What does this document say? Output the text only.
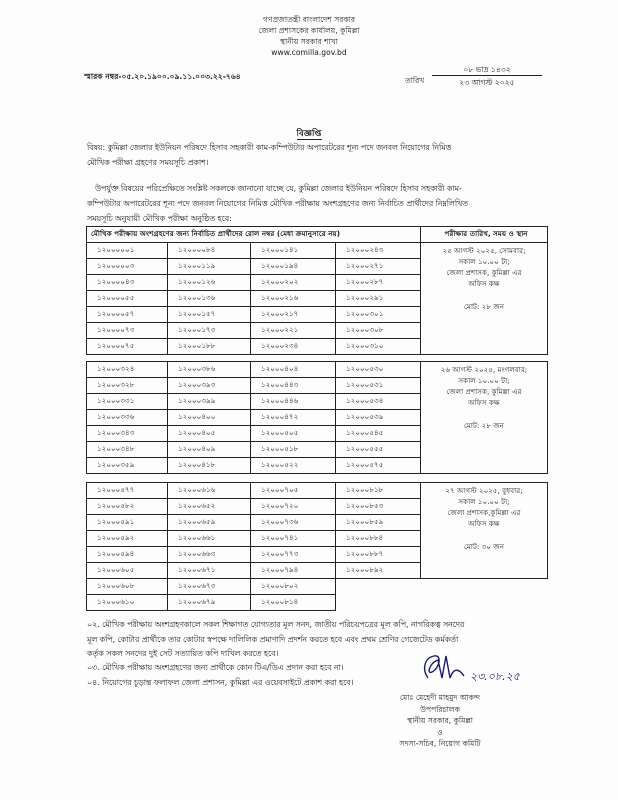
গণপ্রজাতন্ত্রী বাংলাদেশ সরকার
জেলা প্রশাসকের কার্যালয়, কুমিল্লা
স্থানীয় সরকার শাখা
www.comilla.gov.bd
স্মারক নম্বর-০৫.২০.১৯০০.০৯.১১.০০৩.২২-৭৬৪	তারিখ
০৮ ভাদ্র ১৪৩২
২৩ আগস্ট ২০২৫
বিজ্ঞপ্তি
বিষয়: কুমিল্লা জেলার ইউনিয়ন পরিষদে হিসাব সহকারী কাম-কম্পিউটার অপারেটরের শূন্য পদে জনবল নিয়োগের নিমিত্ত
মৌখিক পরীক্ষা গ্রহণের সময়সূচি প্রকাশ।
উপর্যুক্ত বিষয়ের পরিপ্রেক্ষিতে সংশ্লিষ্ট সকলকে জানানো যাচ্ছে যে, কুমিল্লা জেলার ইউনিয়ন পরিষদে হিসাব সহকারী কাম-
কম্পিউটার অপারেটরের শূন্য পদে জনবল নিয়োগের নিমিত্ত মৌখিক পরীক্ষায় অংশগ্রহণের জন্য নির্বাচিত প্রার্থীদের নিম্নলিখিত
সময়সূচি অনুযায়ী মৌখিক পরীক্ষা অনুষ্ঠিত হবে:
মৌখিক পরীক্ষায় অংশগ্রহণের জন্য নির্বাচিত প্রার্থীদের রোল নম্বর (মেধা ক্রমানুসারে নয়)				পরীক্ষার তারিখ, সময় ও স্থান
১২০০০০০১	১২০০০০৮৪	১২০০০১৪১	১২০০০২৪৩	২৫ আগস্ট ২০২৫, সোমবার;
সকাল ১০.০০ টা;
জেলা প্রশাসক, কুমিল্লা এর
অফিস কক্ষ
মোট: ২৮ জন

১২০০০০০৩	১২০০০১১৯	১২০০০১৯৪	১২০০০২৭১	
১২০০০০৪৩	১২০০০১২৬	১২০০০২০২	১২০০০২৮৭	
১২০০০০৫৫	১২০০০১৩৬	১২০০০২১৬	১২০০০২৯১	
১২০০০০৫৭	১২০০০১৫৭	১২০০০২১৭	১২০০০৩০১	
১২০০০০৭৩	১২০০০১৭৩	১২০০০২২১	১২০০০৩০৮	
১২০০০০৭৫	১২০০০১৮৮	১২০০০২৩৪	১২০০০৩১০	
১২০০০৩২৪	১২০০০৩৮৬	১২০০০৪০৪	১২০০০৫৩০	২৬ আগস্ট ২০২৫, মংগলবার;
সকাল ১০.০০ টা;
জেলা প্রশাসক, কুমিল্লা এর
অফিস কক্ষ
মোট: ২৮ জন

১২০০০৩২৮	১২০০০৩৯৩	১২০০০৪৪৩	১২০০০৫৩১	
১২০০০৩৩১	১২০০০৩৯৯	১২০০০৪৪৬	১২০০০৫৩৪	
১২০০০৩৩৬	১২০০০৪০০	১২০০০৪৭২	১২০০০৫৩৯	
১২০০০৩৪৩	১২০০০৪০৫	১২০০০৫০৫	১২০০০৫৪৫	
১২০০০৩৪৮	১২০০০৪০৯	১২০০০৫১৮	১২০০০৫৫৫	
১২০০০৩৫৯	১২০০০৪১৮	১২০০০৫২২	১২০০০৫৭৫	
১২০০০৫৭৭	১২০০০৬১৬	১২০০০৭০৫	১২০০০৮১৮	২৭ আগস্ট ২০২৫, বুধবার;
সকাল ১০.০০ টা;
জেলা প্রশাসক,কুমিল্লা এর
অফিস কক্ষ
মোট: ৩০ জন

১২০০০৫৮২	১২০০০৬৫২	১২০০০৭২০	১২০০০৮৫৩	
১২০০০৫৯১	১২০০০৬৫৯	১২০০০৭৩৬	১২০০০৮৫৯	
১২০০০৫৯২	১২০০০৬৬১	১২০০০৭৪১	১২০০০৮৮৪	
১২০০০৫৯৪	১২০০০৬৬৩	১২০০০৭৭৩	১২০০০৮৮৭	
১২০০০৬০৫	১২০০০৬৭১	১২০০০৭৯৪	১২০০০৮৯২	
১২০০০৬০৮	১২০০০৬৭৩	১২০০০৮০২		
১২০০০৬১০	১২০০০৬৭৯	১২০০০৮১৪		
০২. মৌখিক পরীক্ষায় অংশগ্রহণকালে সকল শিক্ষাগত যোগ্যতার মূল সনদ, জাতীয় পরিচয়পত্রের মূল কপি, নাগরিকত্ব সনদের
মূল কপি, কোটার প্রার্থীকে তার কোটার স্বপক্ষে দালিলিক প্রমাণাদি প্রদর্শন করতে হবে এবং প্রথম শ্রেণির গেজেটেড কর্মকর্তা
কর্তৃক সকল সনদের দুই সেট সত্যায়িত কপি দাখিল করতে হবে।
০৩. মৌখিক পরীক্ষায় অংশগ্রহণের জন্য প্রার্থীকে কোন টিএ/ডিএ প্রদান করা হবে না।
০৪. নিয়োগের চূড়ান্ত ফলাফল জেলা প্রশাসন, কুমিল্লা এর ওয়েবসাইটে প্রকাশ করা হবে।	২৩.০৮.২৫
মোঃ মেহেদী মাহমুদ আকন্দ
উপপরিচালক
স্থানীয় সরকার, কুমিল্লা
ও
সদস্য-সচিব, নিয়োগ কমিটি
